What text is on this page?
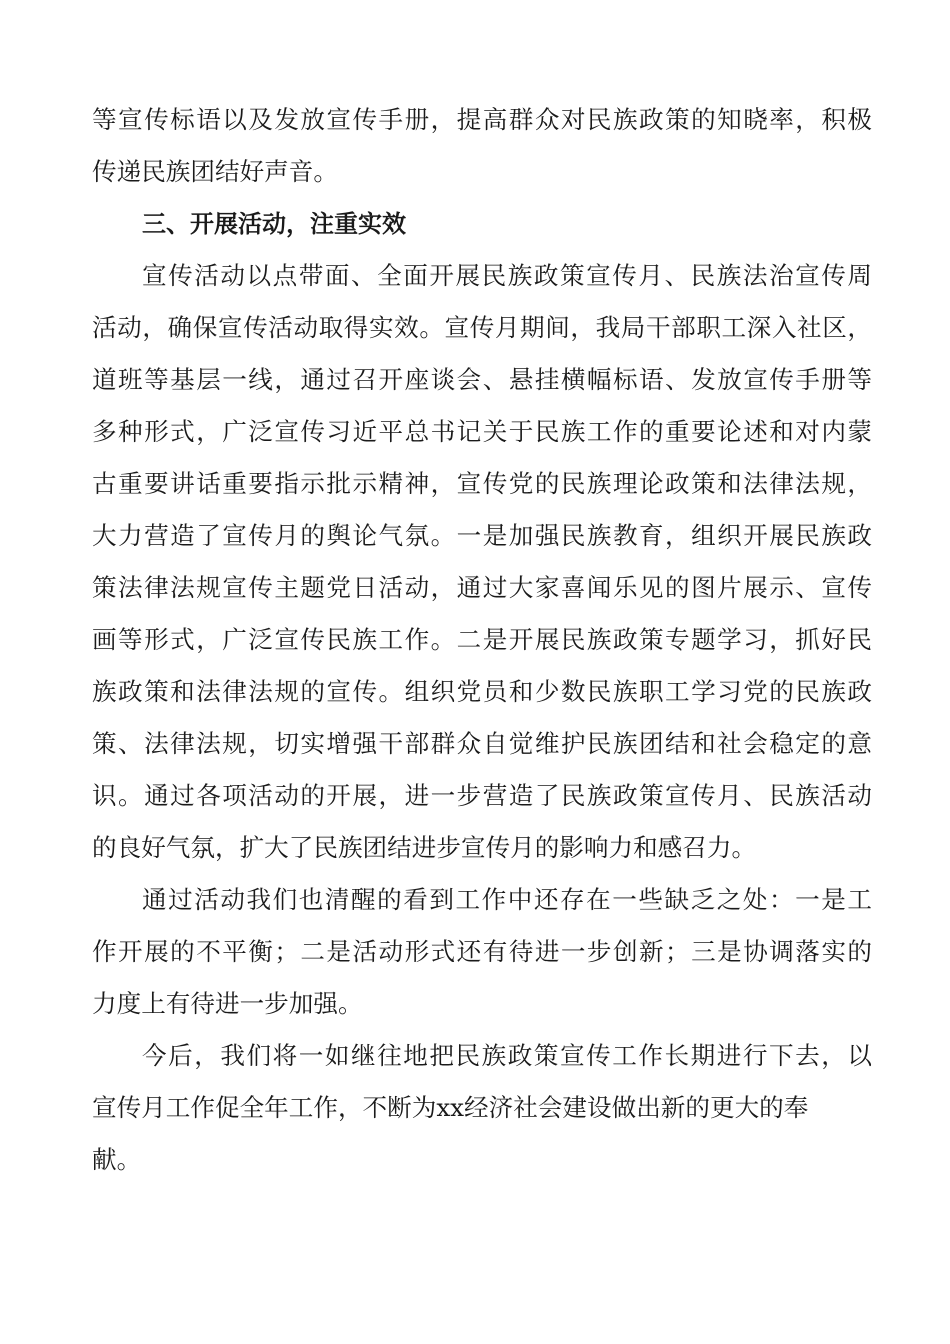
等宣传标语以及发放宣传手册，提高群众对民族政策的知晓率，积极
传递民族团结好声音。
三、开展活动，注重实效
宣传活动以点带面、全面开展民族政策宣传月、民族法治宣传周
活动，确保宣传活动取得实效。宣传月期间，我局干部职工深入社区，
道班等基层一线，通过召开座谈会、悬挂横幅标语、发放宣传手册等
多种形式，广泛宣传习近平总书记关于民族工作的重要论述和对内蒙
古重要讲话重要指示批示精神，宣传党的民族理论政策和法律法规，
大力营造了宣传月的舆论气氛。一是加强民族教育，组织开展民族政
策法律法规宣传主题党日活动，通过大家喜闻乐见的图片展示、宣传
画等形式，广泛宣传民族工作。二是开展民族政策专题学习，抓好民
族政策和法律法规的宣传。组织党员和少数民族职工学习党的民族政
策、法律法规，切实增强干部群众自觉维护民族团结和社会稳定的意
识。通过各项活动的开展，进一步营造了民族政策宣传月、民族活动
的良好气氛，扩大了民族团结进步宣传月的影响力和感召力。
通过活动我们也清醒的看到工作中还存在一些缺乏之处：一是工
作开展的不平衡；二是活动形式还有待进一步创新；三是协调落实的
力度上有待进一步加强。
今后，我们将一如继往地把民族政策宣传工作长期进行下去，以
宣传月工作促全年工作，不断为xx经济社会建设做出新的更大的奉
献。
